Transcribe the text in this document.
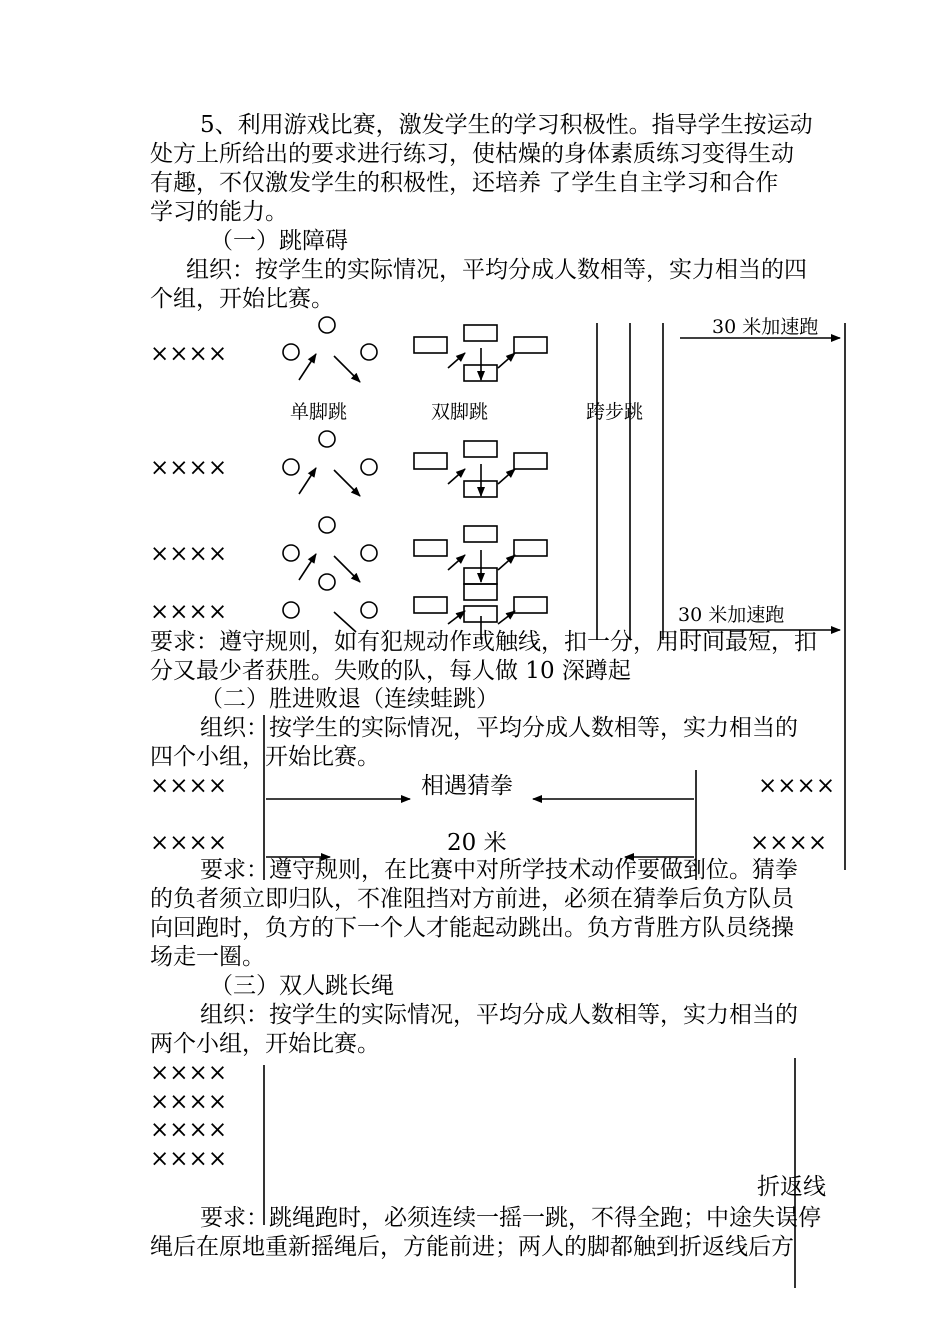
5、利用游戏比赛，激发学生的学习积极性。指导学生按运动
处方上所给出的要求进行练习，使枯燥的身体素质练习变得生动
有趣，不仅激发学生的积极性，还培养 了学生自主学习和合作
学习的能力。
（一）跳障碍
组织：按学生的实际情况，平均分成人数相等，实力相当的四
个组，开始比赛。
××××
××××
××××
××××
单脚跳	双脚跳	跨步跳
30 米加速跑
30 米加速跑
要求：遵守规则，如有犯规动作或触线，扣一分，用时间最短，扣
分又最少者获胜。失败的队，每人做 10 深蹲起
（二）胜进败退（连续蛙跳）
组织：按学生的实际情况，平均分成人数相等，实力相当的
四个小组，开始比赛。
××××	××××
××××	××××
相遇猜拳
20 米
要求：遵守规则，在比赛中对所学技术动作要做到位。猜拳
的负者须立即归队，不准阻挡对方前进，必须在猜拳后负方队员
向回跑时，负方的下一个人才能起动跳出。负方背胜方队员绕操
场走一圈。
（三）双人跳长绳
组织：按学生的实际情况，平均分成人数相等，实力相当的
两个小组，开始比赛。
××××
××××
××××
××××
折返线
要求：跳绳跑时，必须连续一摇一跳，不得全跑；中途失误停
绳后在原地重新摇绳后，方能前进；两人的脚都触到折返线后方
